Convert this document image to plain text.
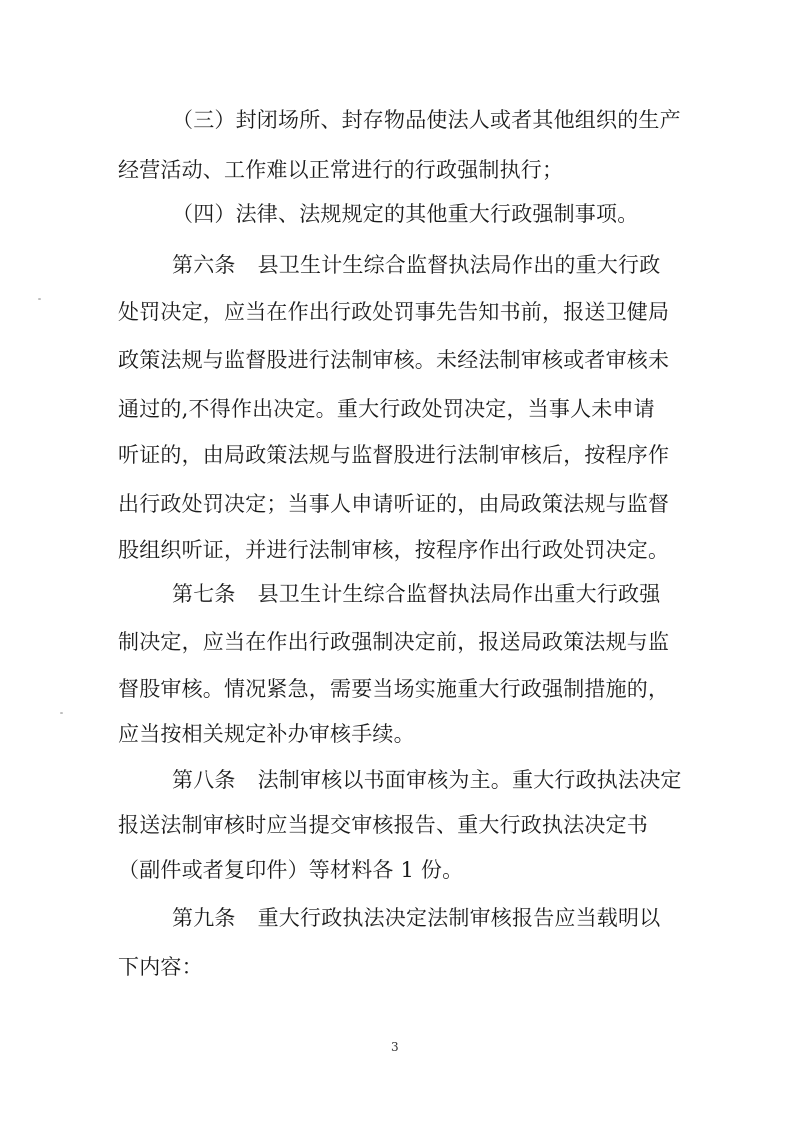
（三）封闭场所、封存物品使法人或者其他组织的生产
经营活动、工作难以正常进行的行政强制执行；
（四）法律、法规规定的其他重大行政强制事项。
第六条 县卫生计生综合监督执法局作出的重大行政
处罚决定，应当在作出行政处罚事先告知书前，报送卫健局
政策法规与监督股进行法制审核。未经法制审核或者审核未
通过的,不得作出决定。重大行政处罚决定，当事人未申请
听证的，由局政策法规与监督股进行法制审核后，按程序作
出行政处罚决定；当事人申请听证的，由局政策法规与监督
股组织听证，并进行法制审核，按程序作出行政处罚决定。
第七条 县卫生计生综合监督执法局作出重大行政强
制决定，应当在作出行政强制决定前，报送局政策法规与监
督股审核。情况紧急，需要当场实施重大行政强制措施的，
应当按相关规定补办审核手续。
第八条 法制审核以书面审核为主。重大行政执法决定
报送法制审核时应当提交审核报告、重大行政执法决定书
（副件或者复印件）等材料各 1 份。
第九条 重大行政执法决定法制审核报告应当载明以
下内容：
3
